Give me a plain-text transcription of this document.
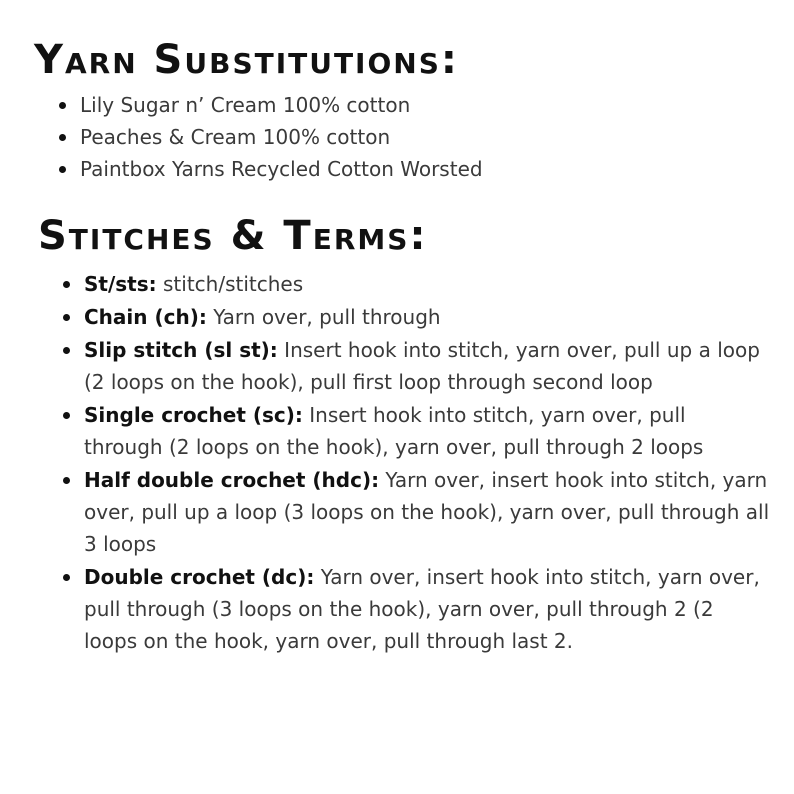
Yarn Substitutions:
Lily Sugar n’ Cream 100% cotton
Peaches & Cream 100% cotton
Paintbox Yarns Recycled Cotton Worsted
Stitches & Terms:
St/sts: stitch/stitches
Chain (ch): Yarn over, pull through
Slip stitch (sl st): Insert hook into stitch, yarn over, pull up a loop (2 loops on the hook), pull first loop through second loop
Single crochet (sc): Insert hook into stitch, yarn over, pull through (2 loops on the hook), yarn over, pull through 2 loops
Half double crochet (hdc): Yarn over, insert hook into stitch, yarn over, pull up a loop (3 loops on the hook), yarn over, pull through all 3 loops
Double crochet (dc): Yarn over, insert hook into stitch, yarn over, pull through (3 loops on the hook), yarn over, pull through 2 (2 loops on the hook, yarn over, pull through last 2.
